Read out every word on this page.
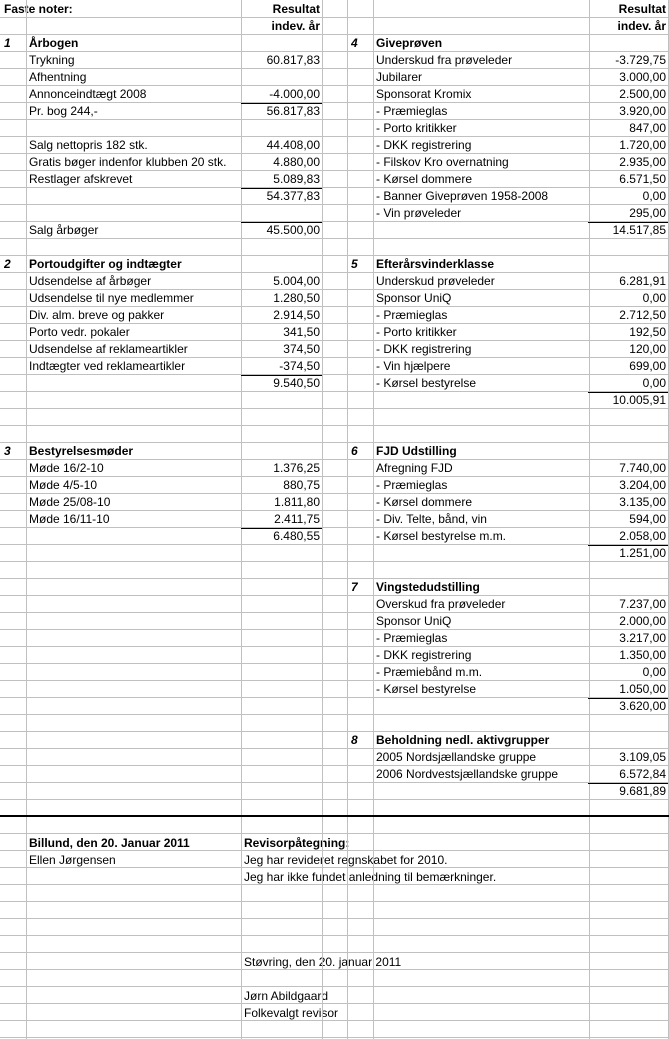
Faste noter:	Resultat
indev. år
Resultat
indev. år
Billund, den 20. Januar 2011
Ellen Jørgensen
Revisorpåtegning:
Jeg har revideret regnskabet for 2010.
Jeg har ikke fundet anledning til bemærkninger.
Støvring, den 20. januar 2011
Jørn Abildgaard
Folkevalgt revisor
1	Årbogen
Trykning	60.817,83
Afhentning
Annonceindtægt 2008	-4.000,00
Pr. bog 244,-	56.817,83
Salg nettopris 182 stk.	44.408,00
Gratis bøger indenfor klubben 20 stk.	4.880,00
Restlager afskrevet	5.089,83
54.377,83
Salg årbøger	45.500,00
2	Portoudgifter og indtægter
Udsendelse af årbøger	5.004,00
Udsendelse til nye medlemmer	1.280,50
Div. alm. breve og pakker	2.914,50
Porto vedr. pokaler	341,50
Udsendelse af reklameartikler	374,50
Indtægter ved reklameartikler	-374,50
9.540,50
3	Bestyrelsesmøder
Møde 16/2-10	1.376,25
Møde 4/5-10	880,75
Møde 25/08-10	1.811,80
Møde 16/11-10	2.411,75
6.480,55
4	Giveprøven
Underskud fra prøveleder	-3.729,75
Jubilarer	3.000,00
Sponsorat Kromix	2.500,00
- Præmieglas	3.920,00
- Porto kritikker	847,00
- DKK registrering	1.720,00
- Filskov Kro overnatning	2.935,00
- Kørsel dommere	6.571,50
- Banner Giveprøven 1958-2008	0,00
- Vin prøveleder	295,00
14.517,85
5	Efterårsvinderklasse
Underskud prøveleder	6.281,91
Sponsor UniQ	0,00
- Præmieglas	2.712,50
- Porto kritikker	192,50
- DKK registrering	120,00
- Vin hjælpere	699,00
- Kørsel bestyrelse	0,00
10.005,91
6	FJD Udstilling
Afregning FJD	7.740,00
- Præmieglas	3.204,00
- Kørsel dommere	3.135,00
- Div. Telte, bånd, vin	594,00
- Kørsel bestyrelse m.m.	2.058,00
1.251,00
7	Vingstedudstilling
Overskud fra prøveleder	7.237,00
Sponsor UniQ	2.000,00
- Præmieglas	3.217,00
- DKK registrering	1.350,00
- Præmiebånd m.m.	0,00
- Kørsel bestyrelse	1.050,00
3.620,00
8	Beholdning nedl. aktivgrupper
2005 Nordsjællandske gruppe	3.109,05
2006 Nordvestsjællandske gruppe	6.572,84
9.681,89
